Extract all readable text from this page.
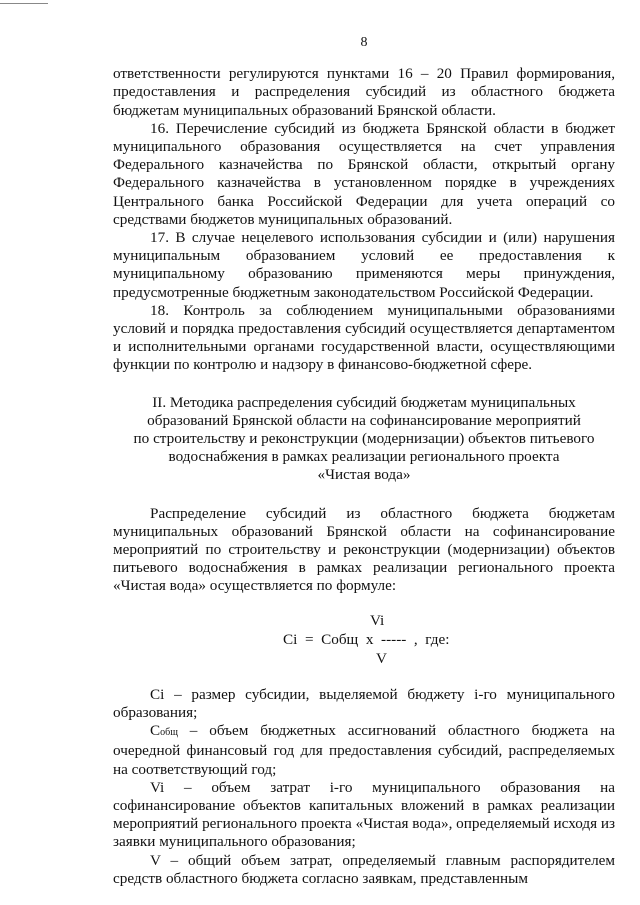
8

ответственности регулируются пунктами 16 – 20 Правил формирования, предоставления и распределения субсидий из областного бюджета бюджетам муниципальных образований Брянской области.

16. Перечисление субсидий из бюджета Брянской области в бюджет муниципального образования осуществляется на счет управления Федерального казначейства по Брянской области, открытый органу Федерального казначейства в установленном порядке в учреждениях Центрального банка Российской Федерации для учета операций со средствами бюджетов муниципальных образований.

17. В случае нецелевого использования субсидии и (или) нарушения муниципальным образованием условий ее предоставления к муниципальному образованию применяются меры принуждения, предусмотренные бюджетным законодательством Российской Федерации.

18. Контроль за соблюдением муниципальными образованиями условий и порядка предоставления субсидий осуществляется департаментом и исполнительными органами государственной власти, осуществляющими функции по контролю и надзору в финансово-бюджетной сфере.

II. Методика распределения субсидий бюджетам муниципальных
образований Брянской области на софинансирование мероприятий
по строительству и реконструкции (модернизации) объектов питьевого
водоснабжения в рамках реализации регионального проекта
«Чистая вода»

Распределение субсидий из областного бюджета бюджетам муниципальных образований Брянской области на софинансирование мероприятий по строительству и реконструкции (модернизации) объектов питьевого водоснабжения в рамках реализации регионального проекта «Чистая вода» осуществляется по формуле:

Vi
Ci  =  Cобщ  x  -----  ,  где:
V

Ci – размер субсидии, выделяемой бюджету i-го муниципального образования;

Cобщ – объем бюджетных ассигнований областного бюджета на очередной финансовый год для предоставления субсидий, распределяемых на соответствующий год;

Vi – объем затрат i-го муниципального образования на софинансирование объектов капитальных вложений в рамках реализации мероприятий регионального проекта «Чистая вода», определяемый исходя из заявки муниципального образования;

V – общий объем затрат, определяемый главным распорядителем средств областного бюджета согласно заявкам, представленным
